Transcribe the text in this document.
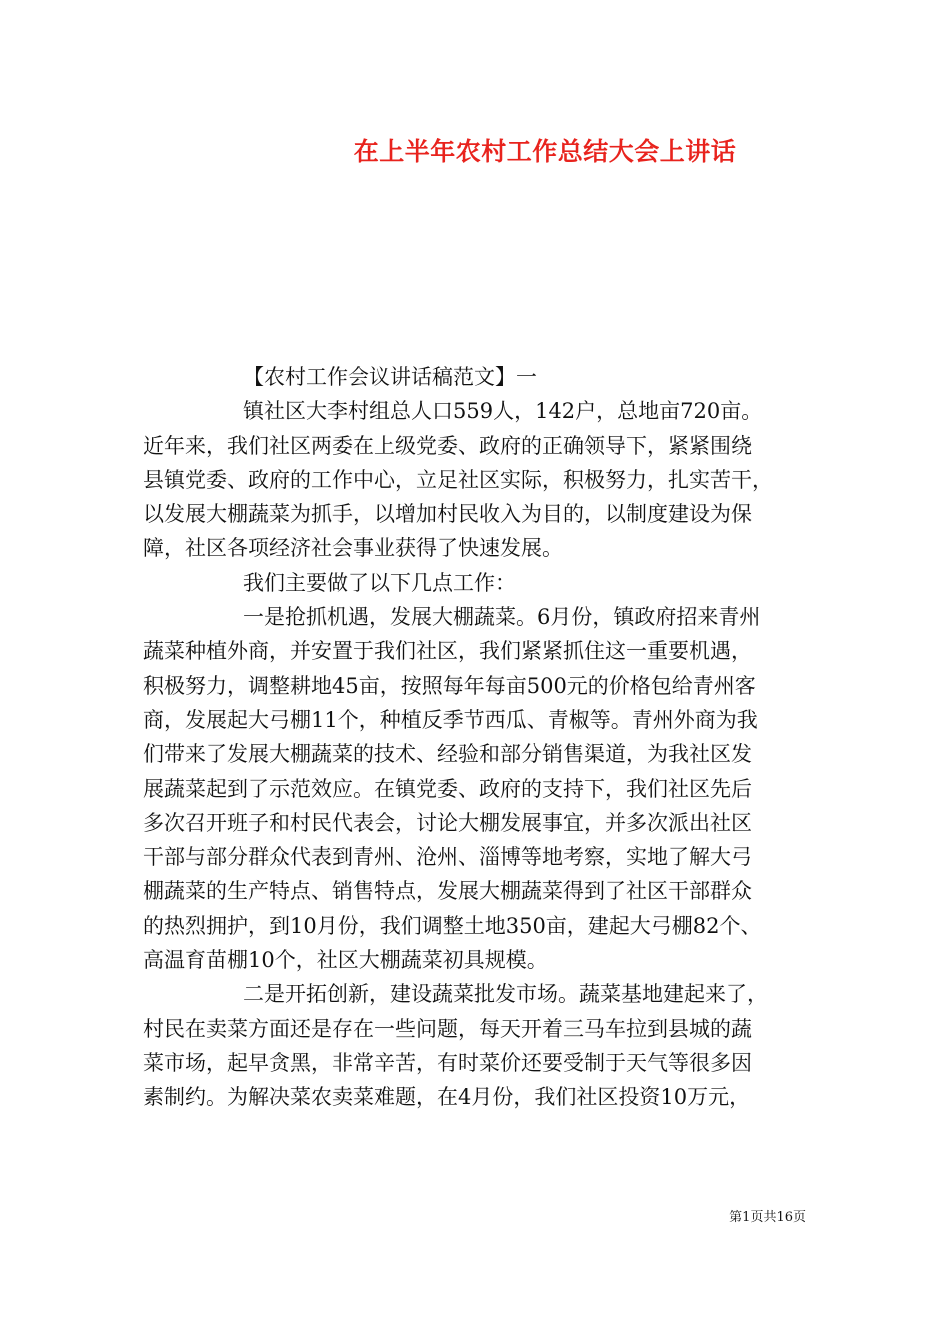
在上半年农村工作总结大会上讲话
【农村工作会议讲话稿范文】一
镇社区大李村组总人口559人，142户，总地亩720亩。
近年来，我们社区两委在上级党委、政府的正确领导下，紧紧围绕
县镇党委、政府的工作中心，立足社区实际，积极努力，扎实苦干，
以发展大棚蔬菜为抓手，以增加村民收入为目的，以制度建设为保
障，社区各项经济社会事业获得了快速发展。
我们主要做了以下几点工作：
一是抢抓机遇，发展大棚蔬菜。6月份，镇政府招来青州
蔬菜种植外商，并安置于我们社区，我们紧紧抓住这一重要机遇，
积极努力，调整耕地45亩，按照每年每亩500元的价格包给青州客
商，发展起大弓棚11个，种植反季节西瓜、青椒等。青州外商为我
们带来了发展大棚蔬菜的技术、经验和部分销售渠道，为我社区发
展蔬菜起到了示范效应。在镇党委、政府的支持下，我们社区先后
多次召开班子和村民代表会，讨论大棚发展事宜，并多次派出社区
干部与部分群众代表到青州、沧州、淄博等地考察，实地了解大弓
棚蔬菜的生产特点、销售特点，发展大棚蔬菜得到了社区干部群众
的热烈拥护，到10月份，我们调整土地350亩，建起大弓棚82个、
高温育苗棚10个，社区大棚蔬菜初具规模。
二是开拓创新，建设蔬菜批发市场。蔬菜基地建起来了，
村民在卖菜方面还是存在一些问题，每天开着三马车拉到县城的蔬
菜市场，起早贪黑，非常辛苦，有时菜价还要受制于天气等很多因
素制约。为解决菜农卖菜难题，在4月份，我们社区投资10万元，
第1页共16页
